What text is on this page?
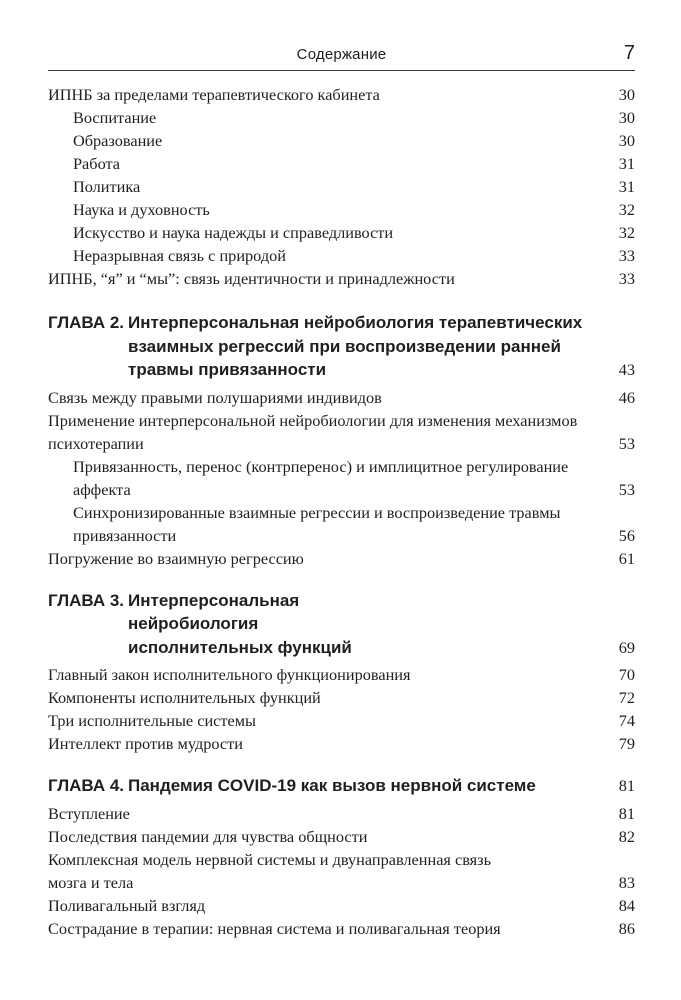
Содержание	7
ИПНБ за пределами терапевтического кабинета	30
Воспитание	30
Образование	30
Работа	31
Политика	31
Наука и духовность	32
Искусство и наука надежды и справедливости	32
Неразрывная связь с природой	33
ИПНБ, “я” и “мы”: связь идентичности и принадлежности	33
ГЛАВА 2. Интерперсональная нейробиология терапевтических взаимных регрессий при воспроизведении ранней травмы привязанности	43
Связь между правыми полушариями индивидов	46
Применение интерперсональной нейробиологии для изменения механизмов психотерапии	53
Привязанность, перенос (контрперенос) и имплицитное регулирование аффекта	53
Синхронизированные взаимные регрессии и воспроизведение травмы привязанности	56
Погружение во взаимную регрессию	61
ГЛАВА 3. Интерперсональная нейробиология исполнительных функций	69
Главный закон исполнительного функционирования	70
Компоненты исполнительных функций	72
Три исполнительные системы	74
Интеллект против мудрости	79
ГЛАВА 4. Пандемия COVID-19 как вызов нервной системе	81
Вступление	81
Последствия пандемии для чувства общности	82
Комплексная модель нервной системы и двунаправленная связь мозга и тела	83
Поливагальный взгляд	84
Сострадание в терапии: нервная система и поливагальная теория	86
